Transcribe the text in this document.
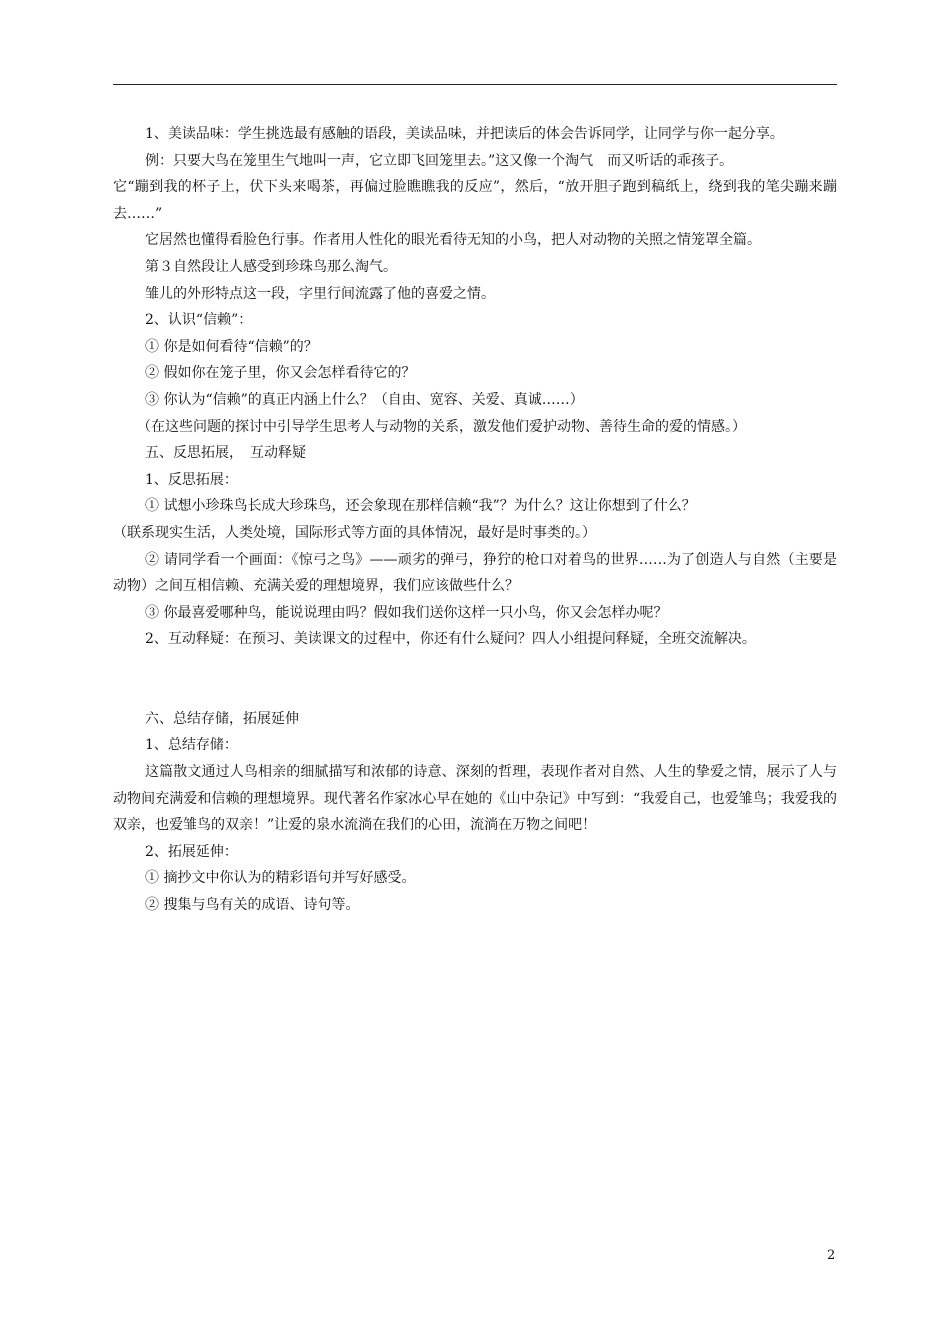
1、美读品味：学生挑选最有感触的语段，美读品味，并把读后的体会告诉同学，让同学与你一起分享。

例：只要大鸟在笼里生气地叫一声，它立即飞回笼里去。”这又像一个淘气　而又听话的乖孩子。

它“蹦到我的杯子上，伏下头来喝茶，再偏过脸瞧瞧我的反应”，然后，“放开胆子跑到稿纸上，绕到我的笔尖蹦来蹦去……”

它居然也懂得看脸色行事。作者用人性化的眼光看待无知的小鸟，把人对动物的关照之情笼罩全篇。

第３自然段让人感受到珍珠鸟那么淘气。

雏儿的外形特点这一段，字里行间流露了他的喜爱之情。

2、认识“信赖”：

① 你是如何看待“信赖”的？

② 假如你在笼子里，你又会怎样看待它的？

③ 你认为“信赖”的真正内涵上什么？（自由、宽容、关爱、真诚……）

（在这些问题的探讨中引导学生思考人与动物的关系，激发他们爱护动物、善待生命的爱的情感。）

五、反思拓展，　互动释疑

1、反思拓展：

① 试想小珍珠鸟长成大珍珠鸟，还会象现在那样信赖“我”？为什么？这让你想到了什么？

（联系现实生活，人类处境，国际形式等方面的具体情况，最好是时事类的。）

② 请同学看一个画面：《惊弓之鸟》——顽劣的弹弓，狰狞的枪口对着鸟的世界……为了创造人与自然（主要是动物）之间互相信赖、充满关爱的理想境界，我们应该做些什么？

③ 你最喜爱哪种鸟，能说说理由吗？假如我们送你这样一只小鸟，你又会怎样办呢？

2、互动释疑：在预习、美读课文的过程中，你还有什么疑问？四人小组提问释疑，全班交流解决。

六、总结存储，拓展延伸

1、总结存储：

这篇散文通过人鸟相亲的细腻描写和浓郁的诗意、深刻的哲理，表现作者对自然、人生的挚爱之情，展示了人与动物间充满爱和信赖的理想境界。现代著名作家冰心早在她的《山中杂记》中写到：“我爱自己，也爱雏鸟；我爱我的双亲，也爱雏鸟的双亲！”让爱的泉水流淌在我们的心田，流淌在万物之间吧！

2、拓展延伸：

① 摘抄文中你认为的精彩语句并写好感受。

② 搜集与鸟有关的成语、诗句等。

2
